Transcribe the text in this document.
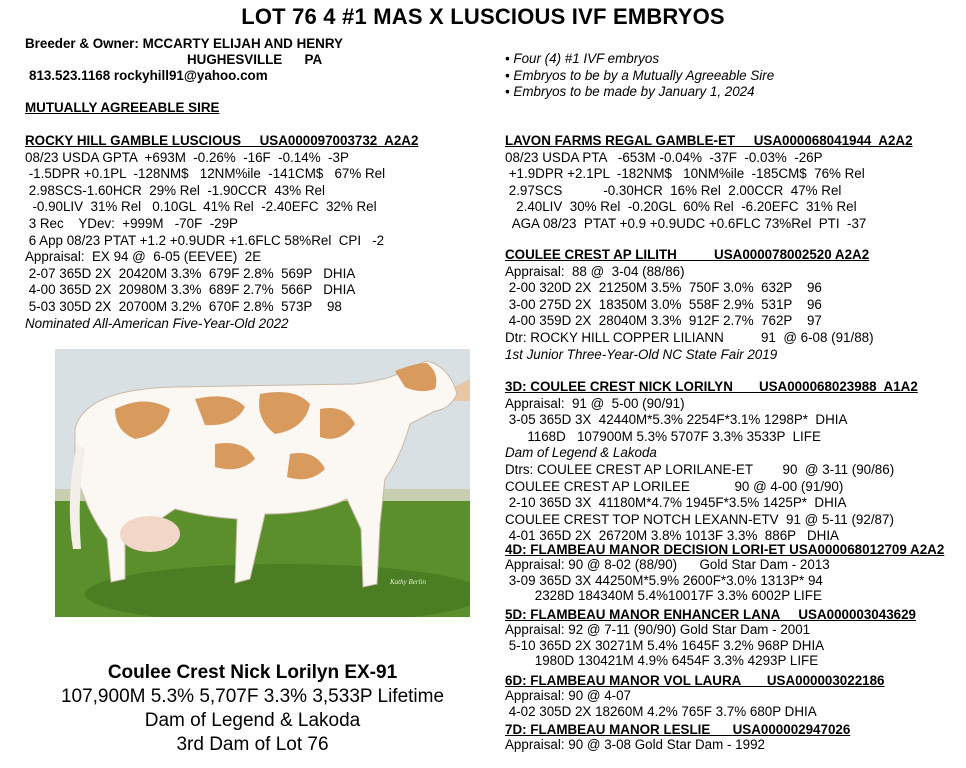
LOT 76 4 #1 MAS X LUSCIOUS IVF EMBRYOS
Breeder & Owner: MCCARTY ELIJAH AND HENRY
HUGHESVILLE      PA
813.523.1168 rockyhill91@yahoo.com
• Four (4) #1 IVF embryos
• Embryos to be by a Mutually Agreeable Sire
• Embryos to be made by January 1, 2024
MUTUALLY AGREEABLE SIRE
ROCKY HILL GAMBLE LUSCIOUS     USA000097003732  A2A2
08/23 USDA GPTA  +693M  -0.26%  -16F  -0.14%  -3P
-1.5DPR +0.1PL  -128NM$   12NM%ile  -141CM$   67% Rel
2.98SCS-1.60HCR  29% Rel  -1.90CCR  43% Rel
-0.90LIV  31% Rel   0.10GL  41% Rel  -2.40EFC  32% Rel
3 Rec    YDev:  +999M   -70F  -29P
6 App 08/23 PTAT +1.2 +0.9UDR +1.6FLC 58%Rel  CPI   -2
Appraisal:  EX 94 @  6-05 (EEVEE)  2E
2-07 365D 2X  20420M 3.3%  679F 2.8%  569P   DHIA
4-00 365D 2X  20980M 3.3%  689F 2.7%  566P   DHIA
5-03 305D 2X  20700M 3.2%  670F 2.8%  573P    98
Nominated All-American Five-Year-Old 2022
Kathy Berlin
Coulee Crest Nick Lorilyn EX-91
107,900M 5.3% 5,707F 3.3% 3,533P Lifetime
Dam of Legend & Lakoda
3rd Dam of Lot 76
LAVON FARMS REGAL GAMBLE-ET     USA000068041944  A2A2
08/23 USDA PTA   -653M -0.04%  -37F  -0.03%  -26P
+1.9DPR +2.1PL  -182NM$   10NM%ile  -185CM$  76% Rel
2.97SCS           -0.30HCR  16% Rel  2.00CCR  47% Rel
2.40LIV  30% Rel  -0.20GL  60% Rel  -6.20EFC  31% Rel
AGA 08/23  PTAT +0.9 +0.9UDC +0.6FLC 73%Rel  PTI  -37
COULEE CREST AP LILITH          USA000078002520 A2A2
Appraisal:  88 @  3-04 (88/86)
2-00 320D 2X  21250M 3.5%  750F 3.0%  632P    96
3-00 275D 2X  18350M 3.0%  558F 2.9%  531P    96
4-00 359D 2X  28040M 3.3%  912F 2.7%  762P    97
Dtr: ROCKY HILL COPPER LILIANN          91  @ 6-08 (91/88)
1st Junior Three-Year-Old NC State Fair 2019
3D: COULEE CREST NICK LORILYN       USA000068023988  A1A2
Appraisal:  91 @  5-00 (90/91)
3-05 365D 3X  42440M*5.3% 2254F*3.1% 1298P*  DHIA
1168D   107900M 5.3% 5707F 3.3% 3533P  LIFE
Dam of Legend & Lakoda
Dtrs: COULEE CREST AP LORILANE-ET        90  @ 3-11 (90/86)
COULEE CREST AP LORILEE            90 @ 4-00 (91/90)
2-10 365D 3X  41180M*4.7% 1945F*3.5% 1425P*  DHIA
COULEE CREST TOP NOTCH LEXANN-ETV  91 @ 5-11 (92/87)
4-01 365D 2X  26720M 3.8% 1013F 3.3%  886P   DHIA
4D: FLAMBEAU MANOR DECISION LORI-ET USA000068012709 A2A2
Appraisal: 90 @ 8-02 (88/90)      Gold Star Dam - 2013
3-09 365D 3X 44250M*5.9% 2600F*3.0% 1313P* 94
2328D 184340M 5.4%10017F 3.3% 6002P LIFE
5D: FLAMBEAU MANOR ENHANCER LANA     USA000003043629
Appraisal: 92 @ 7-11 (90/90) Gold Star Dam - 2001
5-10 365D 2X 30271M 5.4% 1645F 3.2% 968P DHIA
1980D 130421M 4.9% 6454F 3.3% 4293P LIFE
6D: FLAMBEAU MANOR VOL LAURA       USA000003022186
Appraisal: 90 @ 4-07
4-02 305D 2X 18260M 4.2% 765F 3.7% 680P DHIA
7D: FLAMBEAU MANOR LESLIE      USA000002947026
Appraisal: 90 @ 3-08 Gold Star Dam - 1992
